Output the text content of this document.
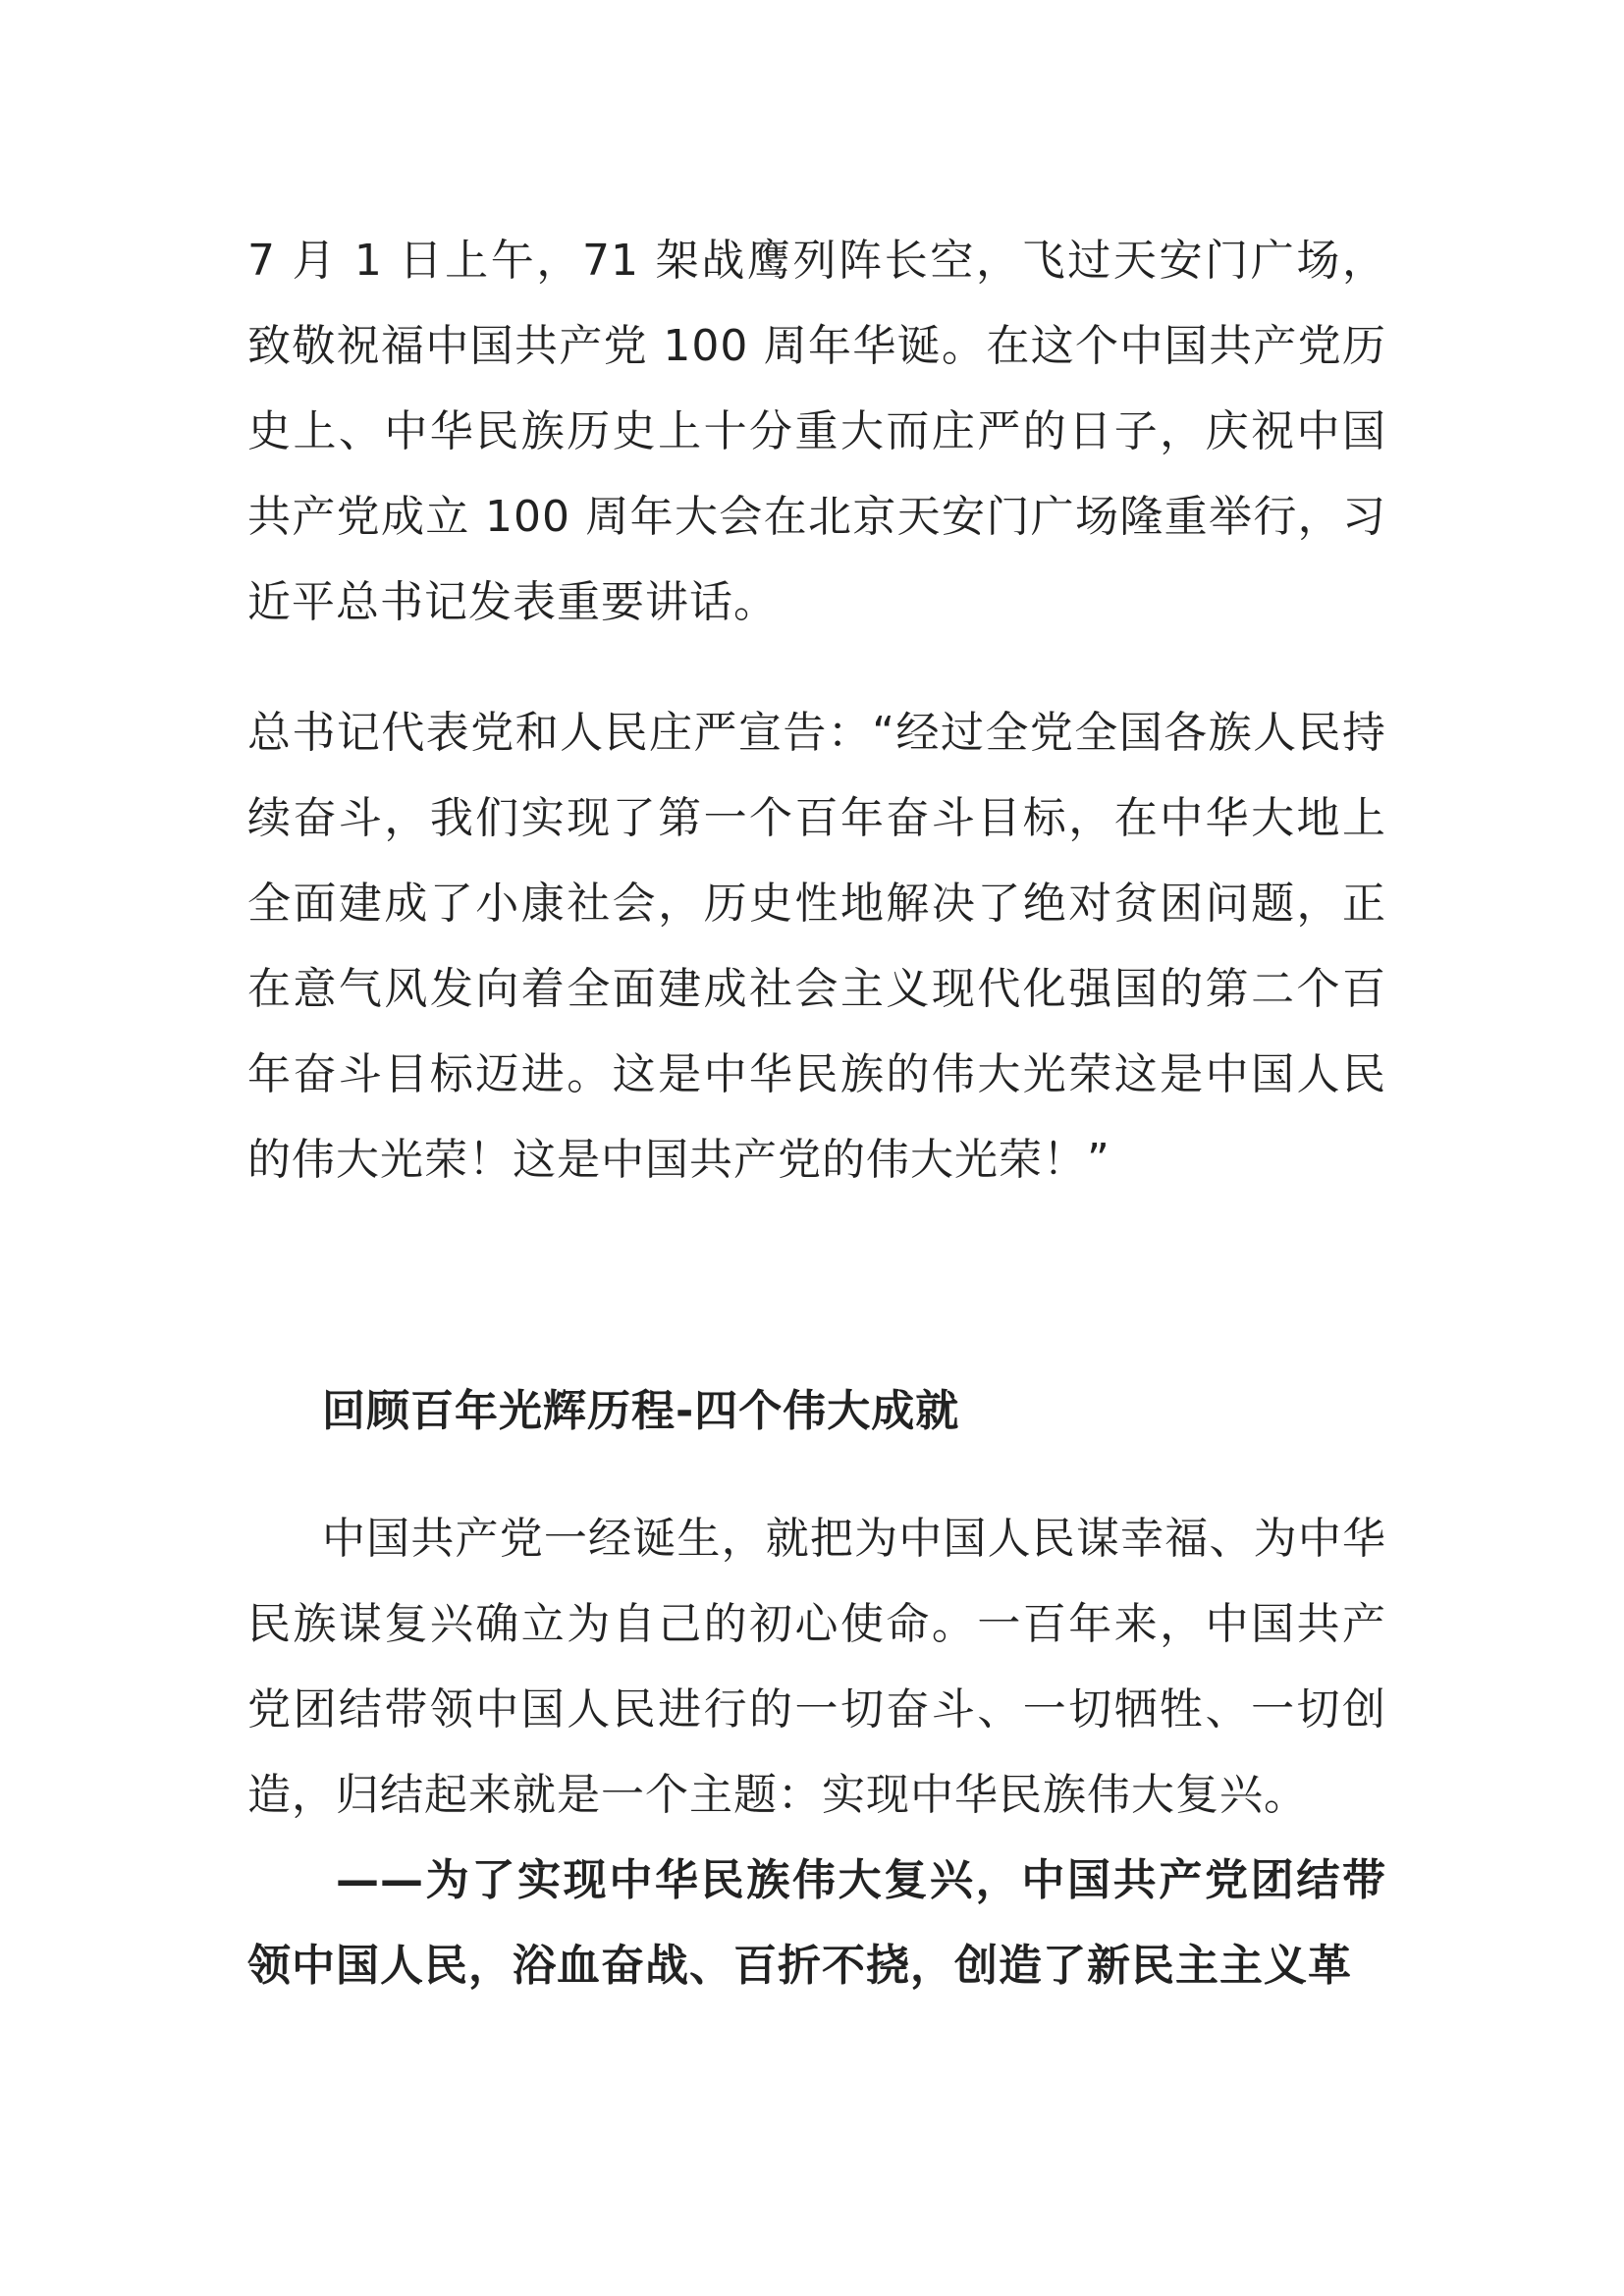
7 月 1 日上午，71 架战鹰列阵长空，飞过天安门广场，致敬祝福中国共产党 100 周年华诞。在这个中国共产党历史上、中华民族历史上十分重大而庄严的日子，庆祝中国共产党成立 100 周年大会在北京天安门广场隆重举行，习近平总书记发表重要讲话。

总书记代表党和人民庄严宣告：“经过全党全国各族人民持续奋斗，我们实现了第一个百年奋斗目标，在中华大地上全面建成了小康社会，历史性地解决了绝对贫困问题，正在意气风发向着全面建成社会主义现代化强国的第二个百年奋斗目标迈进。这是中华民族的伟大光荣这是中国人民的伟大光荣！这是中国共产党的伟大光荣！”

回顾百年光辉历程-四个伟大成就

中国共产党一经诞生，就把为中国人民谋幸福、为中华民族谋复兴确立为自己的初心使命。一百年来，中国共产党团结带领中国人民进行的一切奋斗、一切牺牲、一切创造，归结起来就是一个主题：实现中华民族伟大复兴。

——为了实现中华民族伟大复兴，中国共产党团结带领中国人民，浴血奋战、百折不挠，创造了新民主主义革
